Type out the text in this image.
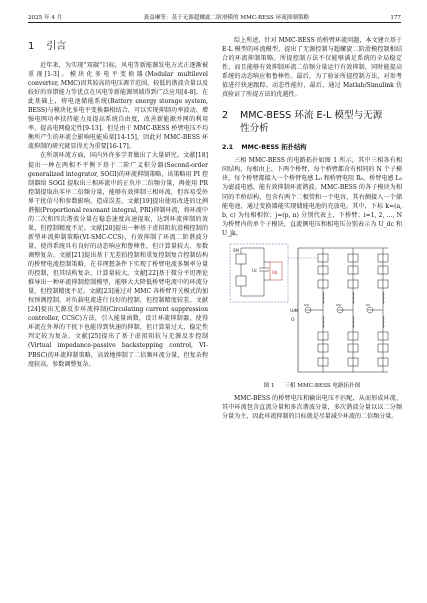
2025 年 4 月	龚益琳等：基于无源超螺旋二阶滑模的 MMC-BESS 环流抑制策略	177
1 引言

近年来，为实现“双碳”目标，风电等新能源发电方式正逐渐被重视[1-3]。模块化多电平变换器(Modular multilevel converter, MMC)因其较高的电压调节范围、较低的谐波含量以及较好的容错能力等优点在风电等新能源领域得到广泛应用[4-8]。在此基础上，将电池储能系统(Battery energy storage system, BESS)与模块化多电平变换器相结合，可以实现抑制功率波动、增强电网功率扶持能力及提高系统自由度，改善新能源并网的利用率，提高电网稳定性[9-13]。但是由于 MMC-BESS 桥臂电压不均衡所产生的环流会影响电能质量[14-15]，因此对 MMC-BESS 环流抑制的研究就显得尤为重要[16-17]。

在所剖环流方面，国内外许多学者做出了大量研究。文献[18]提出一种在两相不平衡下基于二阶广义积分器(Second-order generalized integrator, SOGI)的环流抑制策略，该策略用 PI 控制器给 SOGI 提取出三相环流中的正负序二倍频分量，再使用 PR 控制提取出零序二倍频分量，能够有效抑制三相环流，但容易受外界干扰信号和参数影响，造成误差。文献[19]提出使用改进的比例谐振(Proportional resonant integral, PRI)抑制环流，将环流中的二次和四次谐波分量在稳态速度高速提取，达到环流抑制的效果，但控制精度不足。文献[20]提出一种基于虚拟阻抗滑模控制的新型环流抑制策略(VI-SMC-CCS)，有效抑制了环流二阶谐波分量，使得系统具有良好的动态响应和鲁棒性，但计算量较大、参数调整复杂。文献[21]提出基于无差拍控制和重复控制复合控制结构的桥臂电流控制策略，在非理想条件下实现了桥臂电流多频率分量的控制，但其结构复杂、计算量较大。文献[22]基于微分平坦理论推导出一种环流抑制控制模型，能够大大降低桥臂电流中的环流分量，但控制精度不足。文献[23]通过对 MMC 各桥臂开关模式的加权预测控制，对负载电流进行良好的控制，但控制精度较差。文献[24]提出无源反步环流抑制(Circulating current suppression controller, CCSC)方法，引入能量函数，设计环流抑制器，使得环流在外界的干扰下也能得到快速的抑制，但计算量过大，稳定性判定较为复杂。文献[25]提出了基于虚拟阻抗与无源反步控制(Virtual impedance-passive backstepping control, VI-PBSC)的环流抑制策略，高效地抑制了二倍频环流分量，但复杂程度较高，参数调整复杂。

综上所述，针对 MMC-BESS 的桥臂环流问题，本文建立基于 E-L 模型的环流模型，提出了无源控制与超螺旋二阶滑模控制相结合的环流抑制策略。所提控制方法不仅能够满足系统的全局稳定性，而且能够有效抑制环流二倍频分量运行有效抑制，同时能提高系统的动态响应和鲁棒性。最后，为了验证所提控制方法，对参考值进行快速跟踪、动态性能好、最后，通过 Matlab/Simulink 仿真验证了所提方法的优越性。

2	MMC-BESS 环流 E-L 模型与无源
性分析
2.1 MMC-BESS 拓扑结构

三相 MMC-BESS 的电路拓扑如图 1 所示，其中三相各有相同结构，每相由上、下两个桥臂，每个桥臂都含有相同的 N 个子模块，每个桥臂都接入一个桥臂电感 L₀ 和桥臂电阻 R₀，桥臂电感 L₀ 为滤波电感，能有效抑制环流谐波。MMC-BESS 的各子模块为相同的半桥结构，包含有两个二极管和一个电容，其右侧接入一个储能电池，通过变换器能实现储能电池的充放电。其中，下标 k=(a, b, c) 为每相相位；j=(p, n) 分别代表上、下桥臂；i=1, 2, …, N 为桥臂内的单个子模块，直流侧电压和相电压分别表示为 U_dc 和 U_jk。

SM
Ub
Uc
Udc
O
ua	ub	uc
图 1 三相 MMC-BESS 电路拓扑图

MMC-BESS 的桥臂电压和输出电压不匹配，从而形成环流，其中环流包含直流分量和多次谐波分量，多次谐波分量以以二分频分量为主，因此环流抑制的目标就是尽量减少环流的二倍频分量。
